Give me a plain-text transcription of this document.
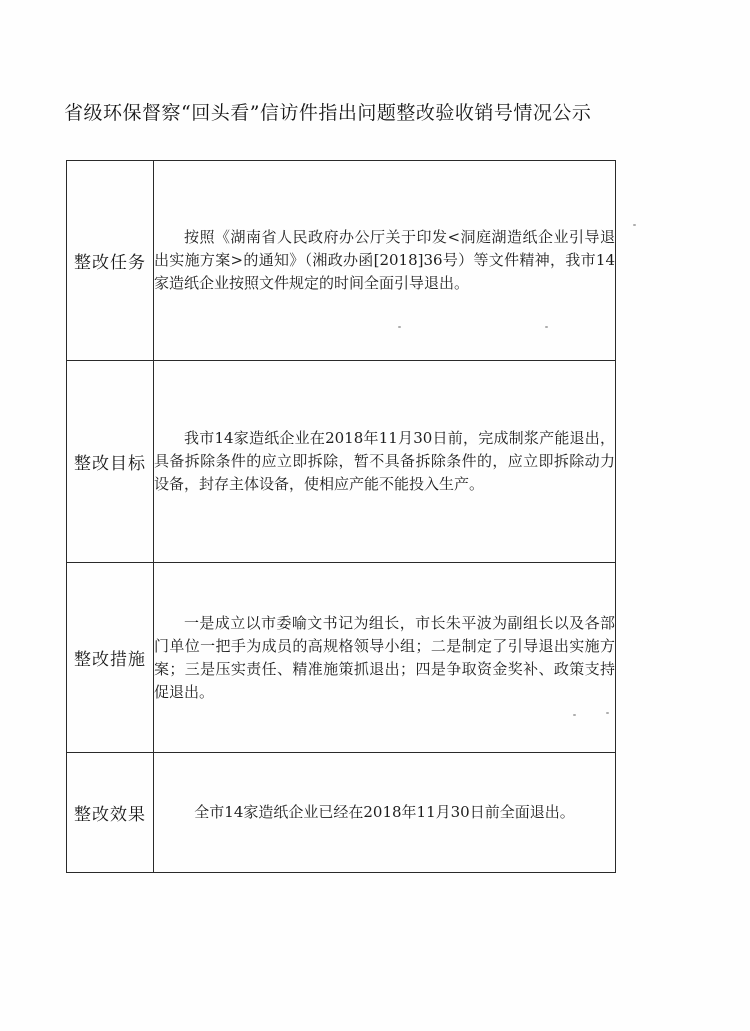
省级环保督察“回头看”信访件指出问题整改验收销号情况公示
整改任务	按照《湖南省人民政府办公厅关于印发<洞庭湖造纸企业引导退出实施方案>的通知》（湘政办函[2018]36号）等文件精神，我市14家造纸企业按照文件规定的时间全面引导退出。

整改目标	我市14家造纸企业在2018年11月30日前，完成制浆产能退出，具备拆除条件的应立即拆除，暂不具备拆除条件的，应立即拆除动力设备，封存主体设备，使相应产能不能投入生产。

整改措施	一是成立以市委喻文书记为组长，市长朱平波为副组长以及各部门单位一把手为成员的高规格领导小组；二是制定了引导退出实施方案；三是压实责任、精准施策抓退出；四是争取资金奖补、政策支持促退出。

整改效果	全市14家造纸企业已经在2018年11月30日前全面退出。
